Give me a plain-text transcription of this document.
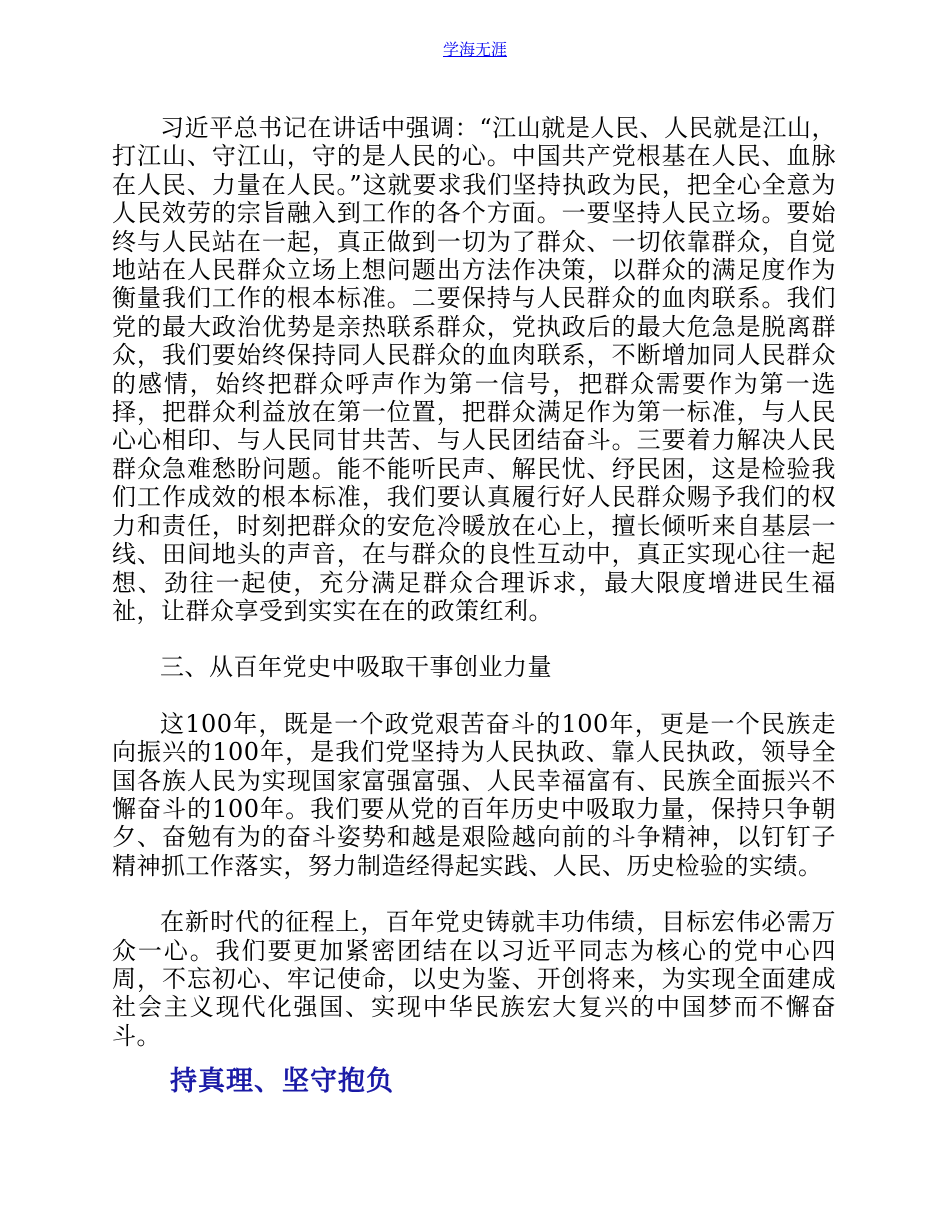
学海无涯

习近平总书记在讲话中强调：“江山就是人民、人民就是江山，打江山、守江山，守的是人民的心。中国共产党根基在人民、血脉在人民、力量在人民。”这就要求我们坚持执政为民，把全心全意为人民效劳的宗旨融入到工作的各个方面。一要坚持人民立场。要始终与人民站在一起，真正做到一切为了群众、一切依靠群众，自觉地站在人民群众立场上想问题出方法作决策，以群众的满足度作为衡量我们工作的根本标准。二要保持与人民群众的血肉联系。我们党的最大政治优势是亲热联系群众，党执政后的最大危急是脱离群众，我们要始终保持同人民群众的血肉联系，不断增加同人民群众的感情，始终把群众呼声作为第一信号，把群众需要作为第一选择，把群众利益放在第一位置，把群众满足作为第一标准，与人民心心相印、与人民同甘共苦、与人民团结奋斗。三要着力解决人民群众急难愁盼问题。能不能听民声、解民忧、纾民困，这是检验我们工作成效的根本标准，我们要认真履行好人民群众赐予我们的权力和责任，时刻把群众的安危冷暖放在心上，擅长倾听来自基层一线、田间地头的声音，在与群众的良性互动中，真正实现心往一起想、劲往一起使，充分满足群众合理诉求，最大限度增进民生福祉，让群众享受到实实在在的政策红利。

三、从百年党史中吸取干事创业力量

这100年，既是一个政党艰苦奋斗的100年，更是一个民族走向振兴的100年，是我们党坚持为人民执政、靠人民执政，领导全国各族人民为实现国家富强富强、人民幸福富有、民族全面振兴不懈奋斗的100年。我们要从党的百年历史中吸取力量，保持只争朝夕、奋勉有为的奋斗姿势和越是艰险越向前的斗争精神，以钉钉子精神抓工作落实，努力制造经得起实践、人民、历史检验的实绩。

在新时代的征程上，百年党史铸就丰功伟绩，目标宏伟必需万众一心。我们要更加紧密团结在以习近平同志为核心的党中心四周，不忘初心、牢记使命，以史为鉴、开创将来，为实现全面建成社会主义现代化强国、实现中华民族宏大复兴的中国梦而不懈奋斗。

持真理、坚守抱负
